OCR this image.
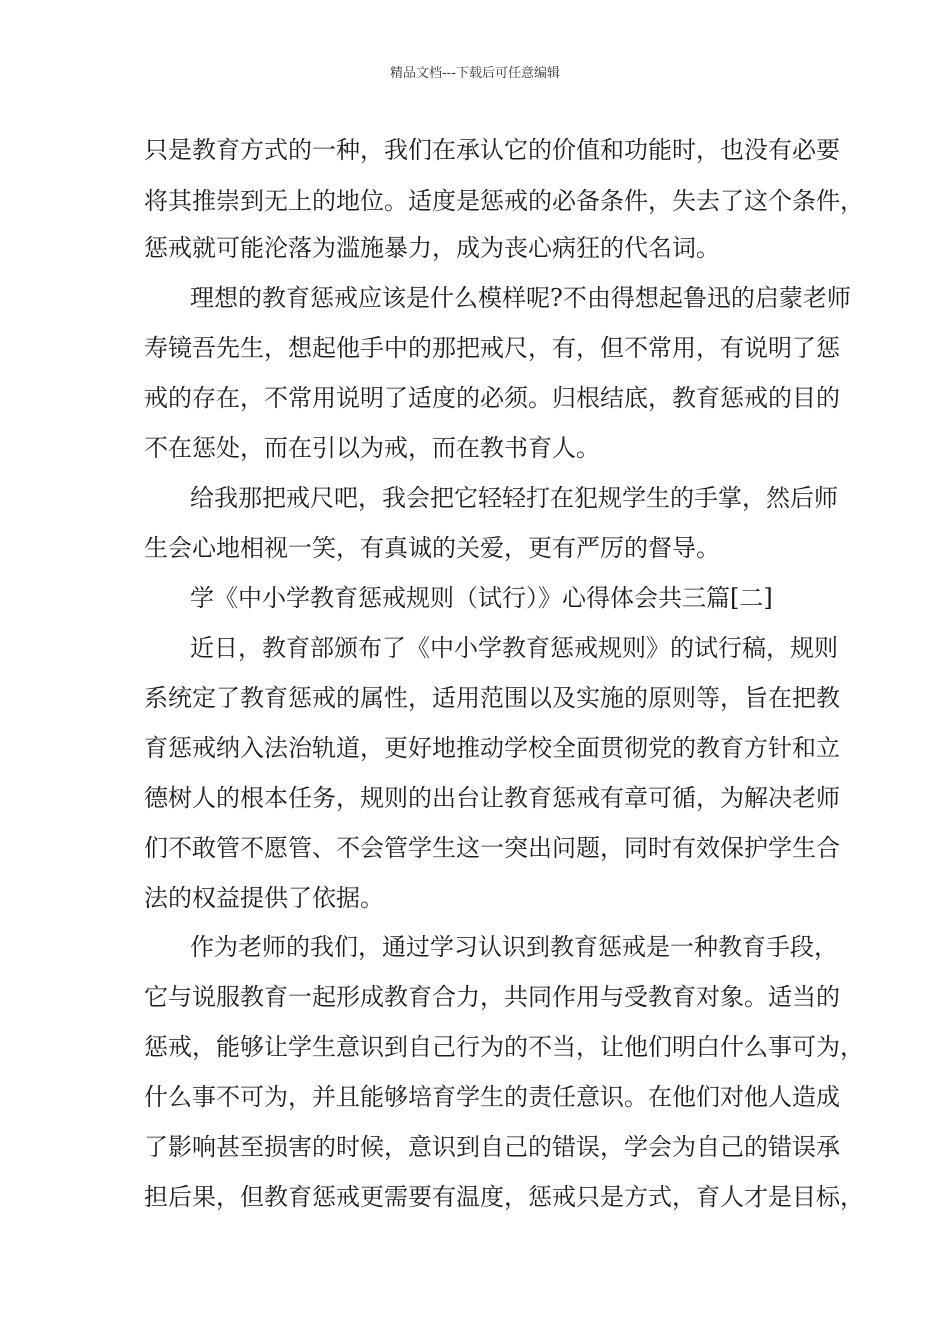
精品文档---下载后可任意编辑
只是教育方式的一种，我们在承认它的价值和功能时，也没有必要
将其推崇到无上的地位。适度是惩戒的必备条件，失去了这个条件，
惩戒就可能沦落为滥施暴力，成为丧心病狂的代名词。
理想的教育惩戒应该是什么模样呢?不由得想起鲁迅的启蒙老师
寿镜吾先生，想起他手中的那把戒尺，有，但不常用，有说明了惩
戒的存在，不常用说明了适度的必须。归根结底，教育惩戒的目的
不在惩处，而在引以为戒，而在教书育人。
给我那把戒尺吧，我会把它轻轻打在犯规学生的手掌，然后师
生会心地相视一笑，有真诚的关爱，更有严厉的督导。
学《中小学教育惩戒规则（试行）》心得体会共三篇[二]
近日，教育部颁布了《中小学教育惩戒规则》的试行稿，规则
系统定了教育惩戒的属性，适用范围以及实施的原则等，旨在把教
育惩戒纳入法治轨道，更好地推动学校全面贯彻党的教育方针和立
德树人的根本任务，规则的出台让教育惩戒有章可循，为解决老师
们不敢管不愿管、不会管学生这一突出问题，同时有效保护学生合
法的权益提供了依据。
作为老师的我们，通过学习认识到教育惩戒是一种教育手段，
它与说服教育一起形成教育合力，共同作用与受教育对象。适当的
惩戒，能够让学生意识到自己行为的不当，让他们明白什么事可为，
什么事不可为，并且能够培育学生的责任意识。在他们对他人造成
了影响甚至损害的时候，意识到自己的错误，学会为自己的错误承
担后果，但教育惩戒更需要有温度，惩戒只是方式，育人才是目标，
